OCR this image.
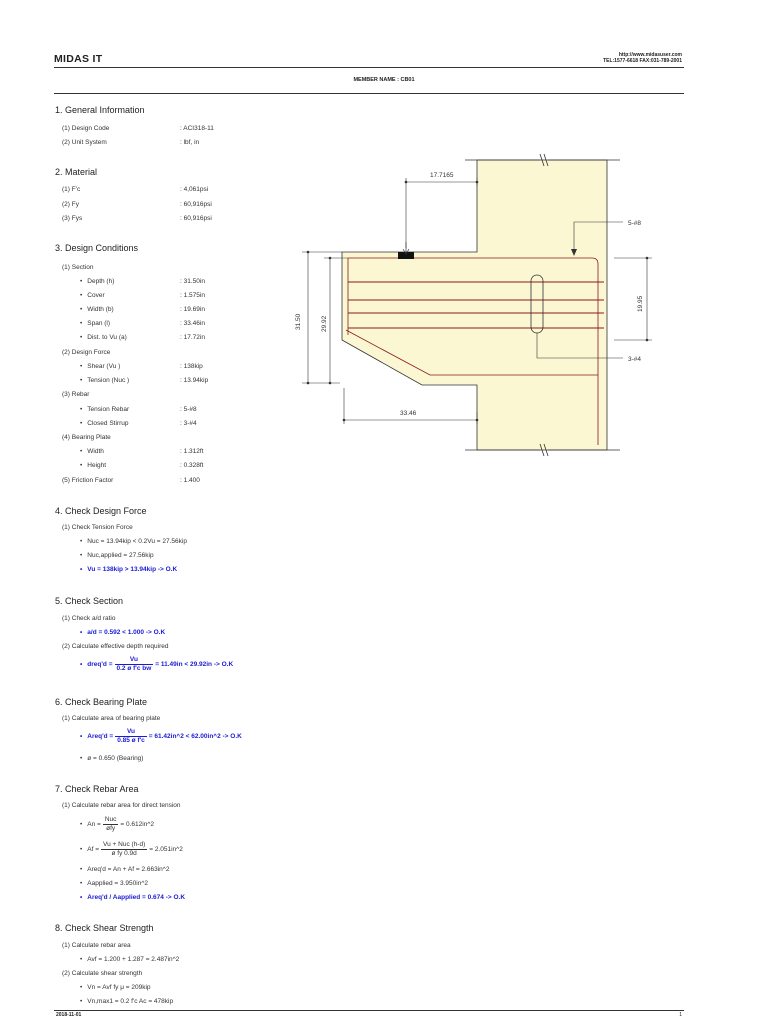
MIDAS IT	http://www.midasuser.com
TEL:1577-6618 FAX:031-789-2001
MEMBER NAME : CB01
1. General Information
(1) Design Code	: ACI318-11
(2) Unit System	: lbf, in
2. Material
(1) F'c	: 4,061psi
(2) Fy	: 60,916psi
(3) Fys	: 60,916psi
3. Design Conditions
(1) Section
• Depth (h)	: 31.50in
• Cover	: 1.575in
• Width (b)	: 19.69in
• Span (l)	: 33.46in
• Dist. to Vu (a)	: 17.72in
(2) Design Force
• Shear (Vu )	: 138kip
• Tension (Nuc )	: 13.94kip
(3) Rebar
• Tension Rebar	: 5-#8
• Closed Stirrup	: 3-#4
(4) Bearing Plate
• Width	: 1.312ft
• Height	: 0.328ft
(5) Friction Factor	: 1.400
4. Check Design Force
(1) Check Tension Force
• Nuc = 13.94kip < 0.2Vu = 27.56kip
• Nuc,applied = 27.56kip
• Vu = 138kip > 13.94kip -> O.K
5. Check Section
(1) Check a/d ratio
• a/d = 0.592 < 1.000 -> O.K
(2) Calculate effective depth required
• dreq'd = $\frac{Vu}{\text{0.2 ø f'c bw}} = 11.49in < 29.92in -> O.K$
6. Check Bearing Plate
(1) Calculate area of bearing plate
• Areq'd = $\frac{Vu}{\text{0.85 ø f'c}}$ = 61.42in^2 < 62.00in^2 -> O.K
• ø = 0.650 (Bearing)
7. Check Rebar Area
(1) Calculate rebar area for direct tension
• $An = \frac{\text{Nuc}}{\text{øfy}}$ = 0.612in^2
• $Af = \frac{\text{Vu + Nuc (h-d)}}{\text{ø fy 0.9d}}$ = 2.051in^2
• Areq'd = An + Af = 2.663in^2
• Aapplied = 3.950in^2
• Areq'd / Aapplied = 0.674 -> O.K
8. Check Shear Strength
(1) Calculate rebar area
• Avf = 1.200 + 1.287 = 2.487in^2
(2) Calculate shear strength
• Vn = Avf fy μ = 209kip
• Vn,max1 = 0.2 f'c Ac = 478kip
3-#4
17.7165
5-#8
31.50	29.92
33.46
19.95
2018-11-01	1
